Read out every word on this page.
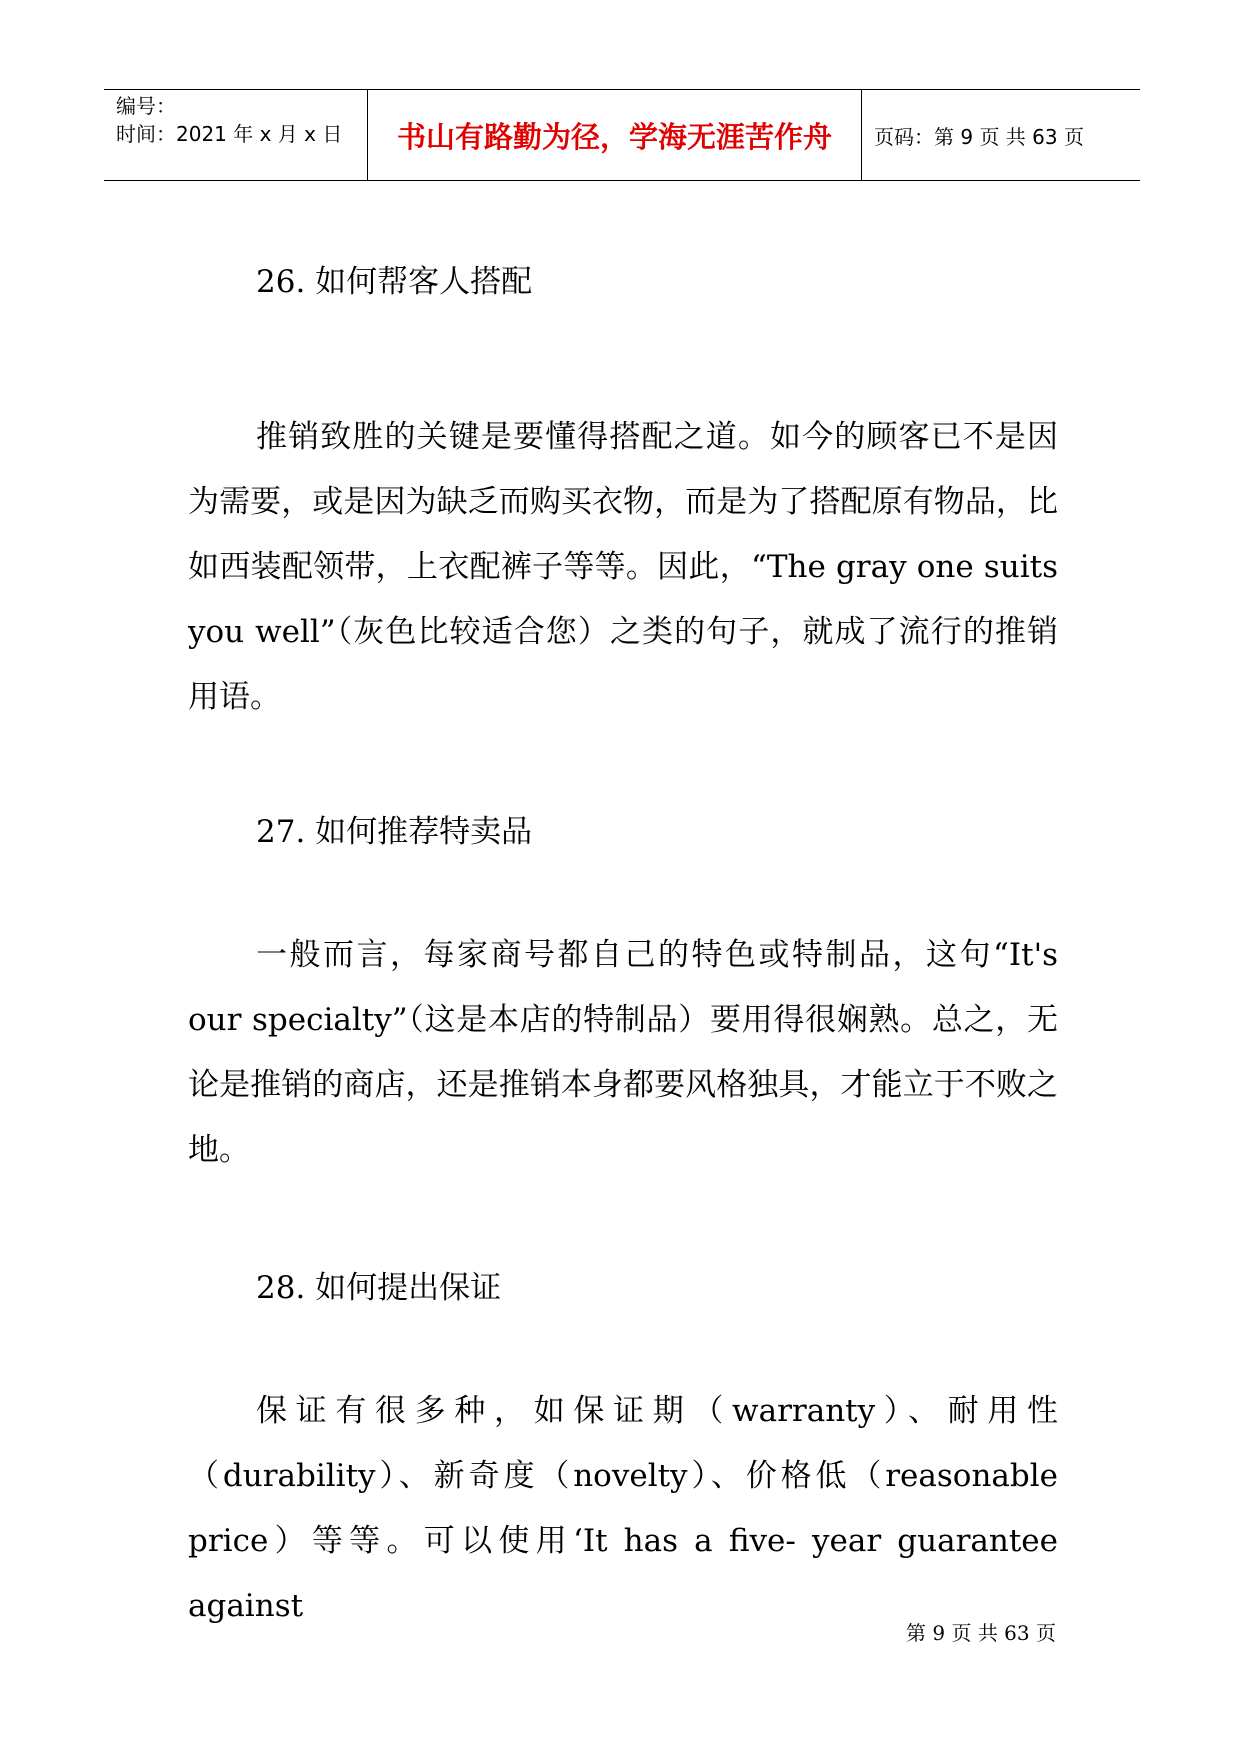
编号：
时间：2021 年 x 月 x 日	书山有路勤为径，学海无涯苦作舟	页码：第 9 页 共 63 页
26. 如何帮客人搭配
推销致胜的关键是要懂得搭配之道。如今的顾客已不是因为需要，或是因为缺乏而购买衣物，而是为了搭配原有物品，比如西装配领带，上衣配裤子等等。因此，“The gray one suits you well”（灰色比较适合您）之类的句子，就成了流行的推销用语。
27. 如何推荐特卖品
一般而言，每家商号都自己的特色或特制品，这句“It's our specialty”（这是本店的特制品）要用得很娴熟。总之，无论是推销的商店，还是推销本身都要风格独具，才能立于不败之地。
28. 如何提出保证
保证有很多种，如保证期（warranty）、耐用性（durability）、新奇度（novelty）、价格低（reasonable price）等等。可以使用‘It has a five- year guarantee against
第 9 页 共 63 页
